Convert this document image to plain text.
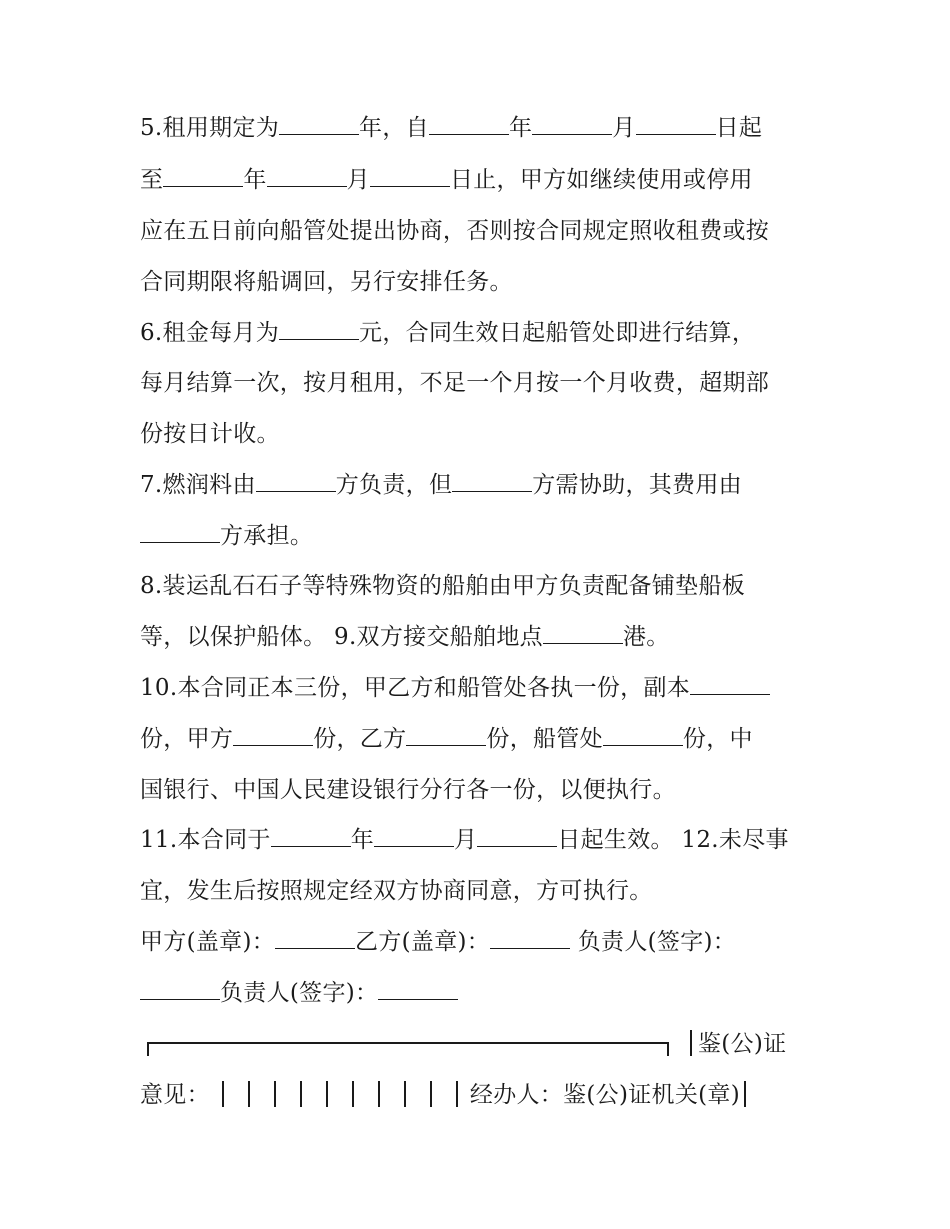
5.租用期定为	年，自	年	月	日起
至	年	月	日止，甲方如继续使用或停用
应在五日前向船管处提出协商，否则按合同规定照收租费或按
合同期限将船调回，另行安排任务。
6.租金每月为	元，合同生效日起船管处即进行结算，
每月结算一次，按月租用，不足一个月按一个月收费，超期部
份按日计收。
7.燃润料由	方负责，但	方需协助，其费用由
方承担。
8.装运乱石石子等特殊物资的船舶由甲方负责配备铺垫船板
等，以保护船体。 9.双方接交船舶地点	港。
10.本合同正本三份，甲乙方和船管处各执一份，副本
份，甲方	份，乙方	份，船管处	份，中
国银行、中国人民建设银行分行各一份，以便执行。
11.本合同于	年	月	日起生效。 12.未尽事
宜，发生后按照规定经双方协商同意，方可执行。
甲方(盖章)：	乙方(盖章)：	负责人(签字)：
负责人(签字)：
鉴(公)证
意见：	经办人：鉴(公)证机关(章)
